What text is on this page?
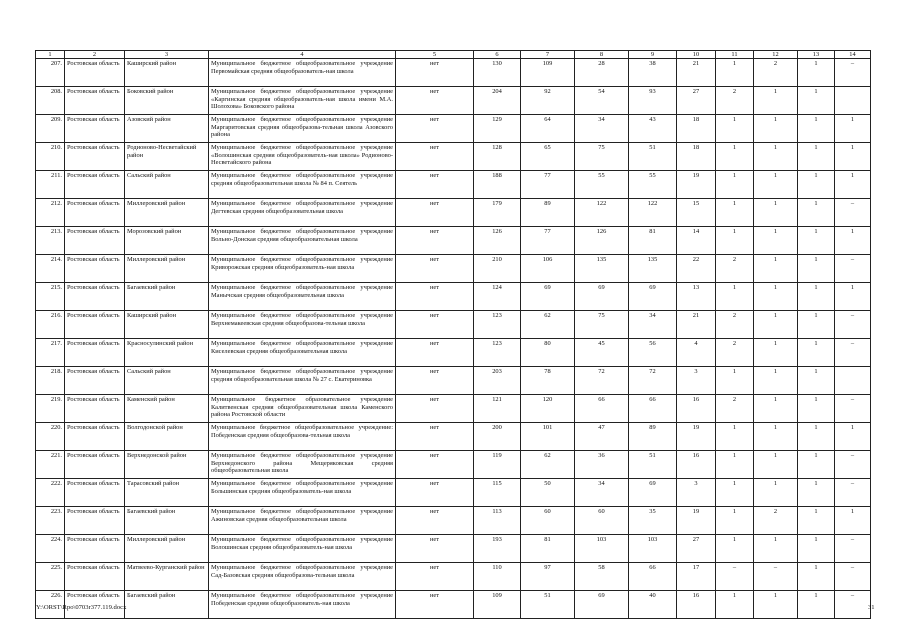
1	2	3	4	5	6	7	8	9	10	11	12	13	14
207.	Ростовская область	Каширский район	Муниципальное бюджетное общеобразовательное учреждение Первомайская средняя общеобразователь-ная школа	нет	130	109	28	38	21	1	2	1	–
208.	Ростовская область	Боковский район	Муниципальное бюджетное общеобразовательное учреждение «Каргинская средняя общеобразователь-ная школа имени М.А. Шолохова» Боковского района	нет	204	92	54	93	27	2	1	1	
209.	Ростовская область	Азовский район	Муниципальное бюджетное общеобразовательное учреждение Маргаритовская средняя общеобразова-тельная школа Азовского района	нет	129	64	34	43	18	1	1	1	1
210.	Ростовская область	Родионово-Несветайский район	Муниципальное бюджетное общеобразовательное учреждение «Волошинская средняя общеобразователь-ная школа» Родионово-Несветайского района	нет	128	65	75	51	18	1	1	1	1
211.	Ростовская область	Сальский район	Муниципальное бюджетное общеобразовательное учреждение средняя общеобразовательная школа № 84 п. Сеятель	нет	188	77	55	55	19	1	1	1	1
212.	Ростовская область	Миллеровский район	Муниципальное бюджетное общеобразовательное учреждение Дегтевская средняя общеобразовательная школа	нет	179	89	122	122	15	1	1	1	–
213.	Ростовская область	Морозовский район	Муниципальное бюджетное общеобразовательное учреждение Вольно-Донская средняя общеобразовательная школа	нет	126	77	126	81	14	1	1	1	1
214.	Ростовская область	Миллеровский район	Муниципальное бюджетное общеобразовательное учреждение Криворожская средняя общеобразователь-ная школа	нет	210	106	135	135	22	2	1	1	–
215.	Ростовская область	Багаевский район	Муниципальное бюджетное общеобразовательное учреждение Манычская средняя общеобразовательная школа	нет	124	69	69	69	13	1	1	1	1
216.	Ростовская область	Каширский район	Муниципальное бюджетное общеобразовательное учреждение Верхнемакеевская средняя общеобразова-тельная школа	нет	123	62	75	34	21	2	1	1	–
217.	Ростовская область	Красносулинский район	Муниципальное бюджетное общеобразовательное учреждение Киселевская средняя общеобразовательная школа	нет	123	80	45	56	4	2	1	1	–
218.	Ростовская область	Сальский район	Муниципальное бюджетное общеобразовательное учреждение средняя общеобразовательная школа № 27 с. Екатериновка	нет	203	78	72	72	3	1	1	1	
219.	Ростовская область	Каменский район	Муниципальное бюджетное образовательное учреждение Калитвенская средняя общеобразовательная школа Каменского района Ростовской области	нет	121	120	66	66	16	2	1	1	–
220.	Ростовская область	Волгодонской район	Муниципальное бюджетное общеобразовательное учреждение: Победенская средняя общеобразова-тельная школа	нет	200	101	47	89	19	1	1	1	1
221.	Ростовская область	Верхнедонской район	Муниципальное бюджетное общеобразовательное учреждение Верхнедонского района Мещеряковская средняя общеобразовательная школа	нет	119	62	36	51	16	1	1	1	–
222.	Ростовская область	Тарасовский район	Муниципальное бюджетное общеобразовательное учреждение Большинская средняя общеобразователь-ная школа	нет	115	50	34	69	3	1	1	1	–
223.	Ростовская область	Багаевский район	Муниципальное бюджетное общеобразовательное учреждение Ажиновская средняя общеобразовательная школа	нет	113	60	60	35	19	1	2	1	1
224.	Ростовская область	Миллеровский район	Муниципальное бюджетное общеобразовательное учреждение Волошинская средняя общеобразователь-ная школа	нет	193	81	103	103	27	1	1	1	–
225.	Ростовская область	Матвеево-Курганский район	Муниципальное бюджетное общеобразовательное учреждение Сад-Базовская средняя общеобразова-тельная школа	нет	110	97	58	66	17	–	–	1	–
226.	Ростовская область	Багаевский район	Муниципальное бюджетное общеобразовательное учреждение Победенская средняя общеобразователь-ная школа	нет	109	51	69	40	16	1	1	1	–
Y:\ORST\Rpo\0703r377.119.docx	31
